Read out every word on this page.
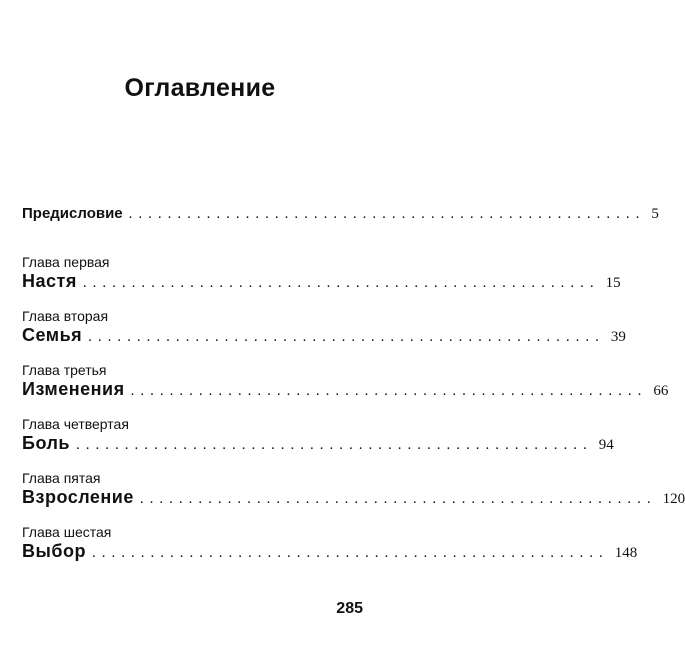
Оглавление
Предисловие ..................................................... 5
Глава первая
Настя ..................................................... 15
Глава вторая
Семья ..................................................... 39
Глава третья
Изменения ..................................................... 66
Глава четвертая
Боль ..................................................... 94
Глава пятая
Взросление ..................................................... 120
Глава шестая
Выбор ..................................................... 148
285
